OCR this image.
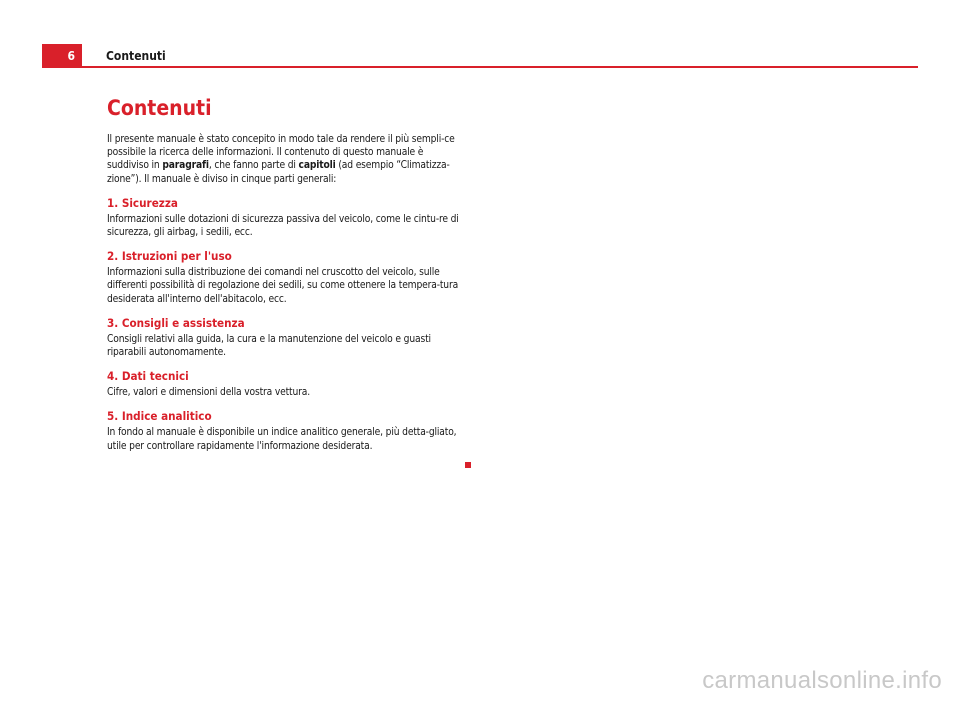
6	Contenuti
Contenuti

Il presente manuale è stato concepito in modo tale da rendere il più sempli-ce possibile la ricerca delle informazioni. Il contenuto di questo manuale è suddiviso in paragrafi, che fanno parte di capitoli (ad esempio “Climatizza-zione”). Il manuale è diviso in cinque parti generali:

1. Sicurezza

Informazioni sulle dotazioni di sicurezza passiva del veicolo, come le cintu-re di sicurezza, gli airbag, i sedili, ecc.

2. Istruzioni per l'uso

Informazioni sulla distribuzione dei comandi nel cruscotto del veicolo, sulle differenti possibilità di regolazione dei sedili, su come ottenere la tempera-tura desiderata all'interno dell'abitacolo, ecc.

3. Consigli e assistenza

Consigli relativi alla guida, la cura e la manutenzione del veicolo e guasti riparabili autonomamente.

4. Dati tecnici

Cifre, valori e dimensioni della vostra vettura.

5. Indice analitico

In fondo al manuale è disponibile un indice analitico generale, più detta-gliato, utile per controllare rapidamente l'informazione desiderata.

carmanualsonline.info
